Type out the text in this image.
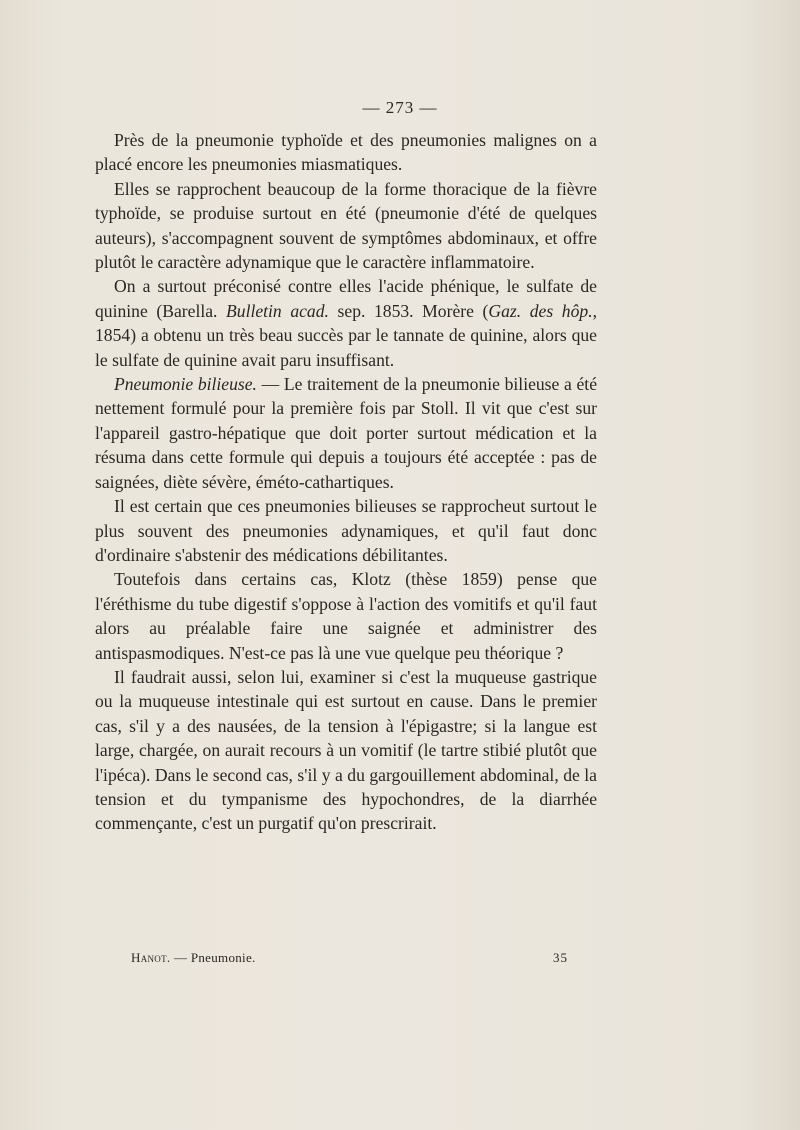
— 273 —

Près de la pneumonie typhoïde et des pneumonies malignes on a placé encore les pneumonies miasmatiques.

Elles se rapprochent beaucoup de la forme thoracique de la fièvre typhoïde, se produise surtout en été (pneumonie d'été de quelques auteurs), s'accompagnent souvent de symptômes abdominaux, et offre plutôt le caractère adynamique que le caractère inflammatoire.

On a surtout préconisé contre elles l'acide phénique, le sulfate de quinine (Barella. Bulletin acad. sep. 1853. Morère (Gaz. des hôp., 1854) a obtenu un très beau succès par le tannate de quinine, alors que le sulfate de quinine avait paru insuffisant.

Pneumonie bilieuse. — Le traitement de la pneumonie bilieuse a été nettement formulé pour la première fois par Stoll. Il vit que c'est sur l'appareil gastro-hépatique que doit porter surtout médication et la résuma dans cette formule qui depuis a toujours été acceptée : pas de saignées, diète sévère, éméto-cathartiques.

Il est certain que ces pneumonies bilieuses se rapprocheut surtout le plus souvent des pneumonies adynamiques, et qu'il faut donc d'ordinaire s'abstenir des médications débilitantes.

Toutefois dans certains cas, Klotz (thèse 1859) pense que l'éréthisme du tube digestif s'oppose à l'action des vomitifs et qu'il faut alors au préalable faire une saignée et administrer des antispasmodiques. N'est-ce pas là une vue quelque peu théorique ?

Il faudrait aussi, selon lui, examiner si c'est la muqueuse gastrique ou la muqueuse intestinale qui est surtout en cause. Dans le premier cas, s'il y a des nausées, de la tension à l'épigastre; si la langue est large, chargée, on aurait recours à un vomitif (le tartre stibié plutôt que l'ipéca). Dans le second cas, s'il y a du gargouillement abdominal, de la tension et du tympanisme des hypochondres, de la diarrhée commençante, c'est un purgatif qu'on prescrirait.

Hanot. — Pneumonie.	35
